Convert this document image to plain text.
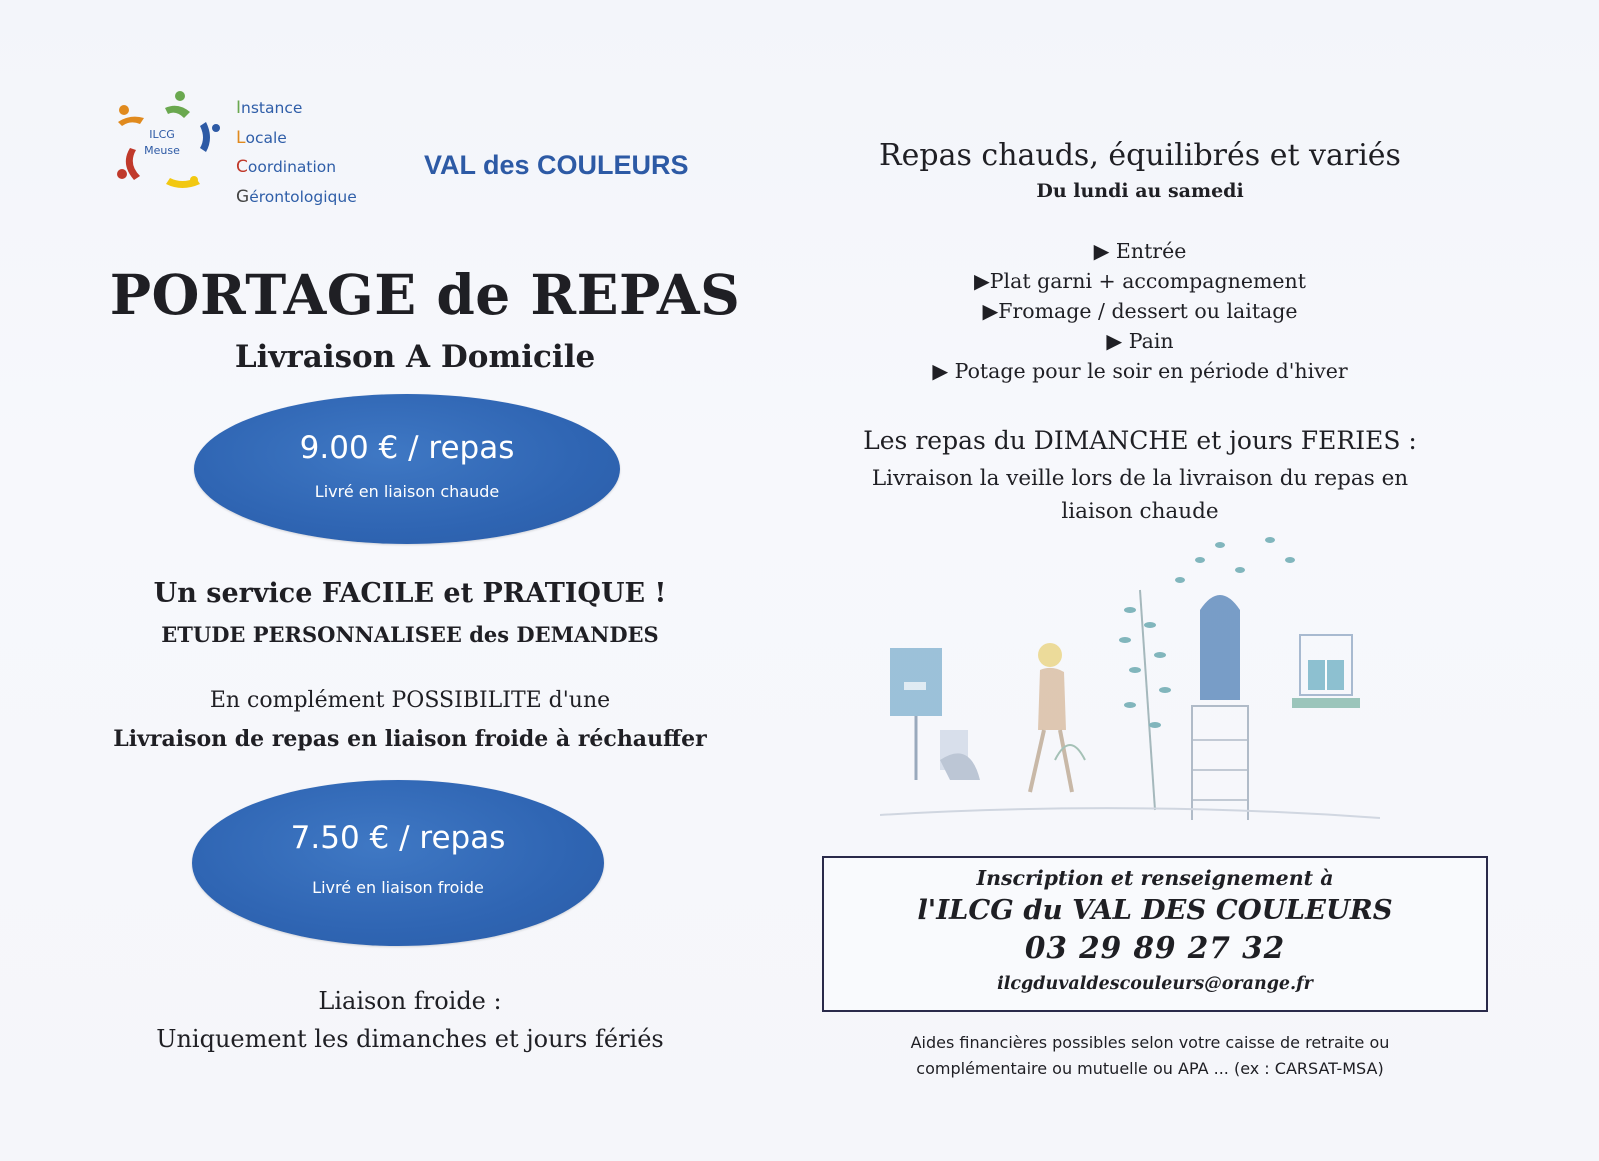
ILCG
Meuse
Instance
Locale
Coordination
Gérontologique
VAL des COULEURS
PORTAGE de REPAS
Livraison A Domicile
9.00 € / repas
Livré en liaison chaude
Un service FACILE et PRATIQUE !
ETUDE PERSONNALISEE des DEMANDES
En complément POSSIBILITE d'une
Livraison de repas en liaison froide à réchauffer
7.50 € / repas
Livré en liaison froide
Liaison froide :
Uniquement les dimanches et jours fériés
Repas chauds, équilibrés et variés
Du lundi au samedi
▶ Entrée
▶Plat garni + accompagnement
▶Fromage / dessert ou laitage
▶ Pain
▶ Potage pour le soir en période d'hiver
Les repas du DIMANCHE et jours FERIES :
Livraison la veille lors de la livraison du repas en
liaison chaude
Inscription et renseignement à
l'ILCG du VAL DES COULEURS
03 29 89 27 32
ilcgduvaldescouleurs@orange.fr
Aides financières possibles selon votre caisse de retraite ou
complémentaire ou mutuelle ou APA ... (ex : CARSAT-MSA)
